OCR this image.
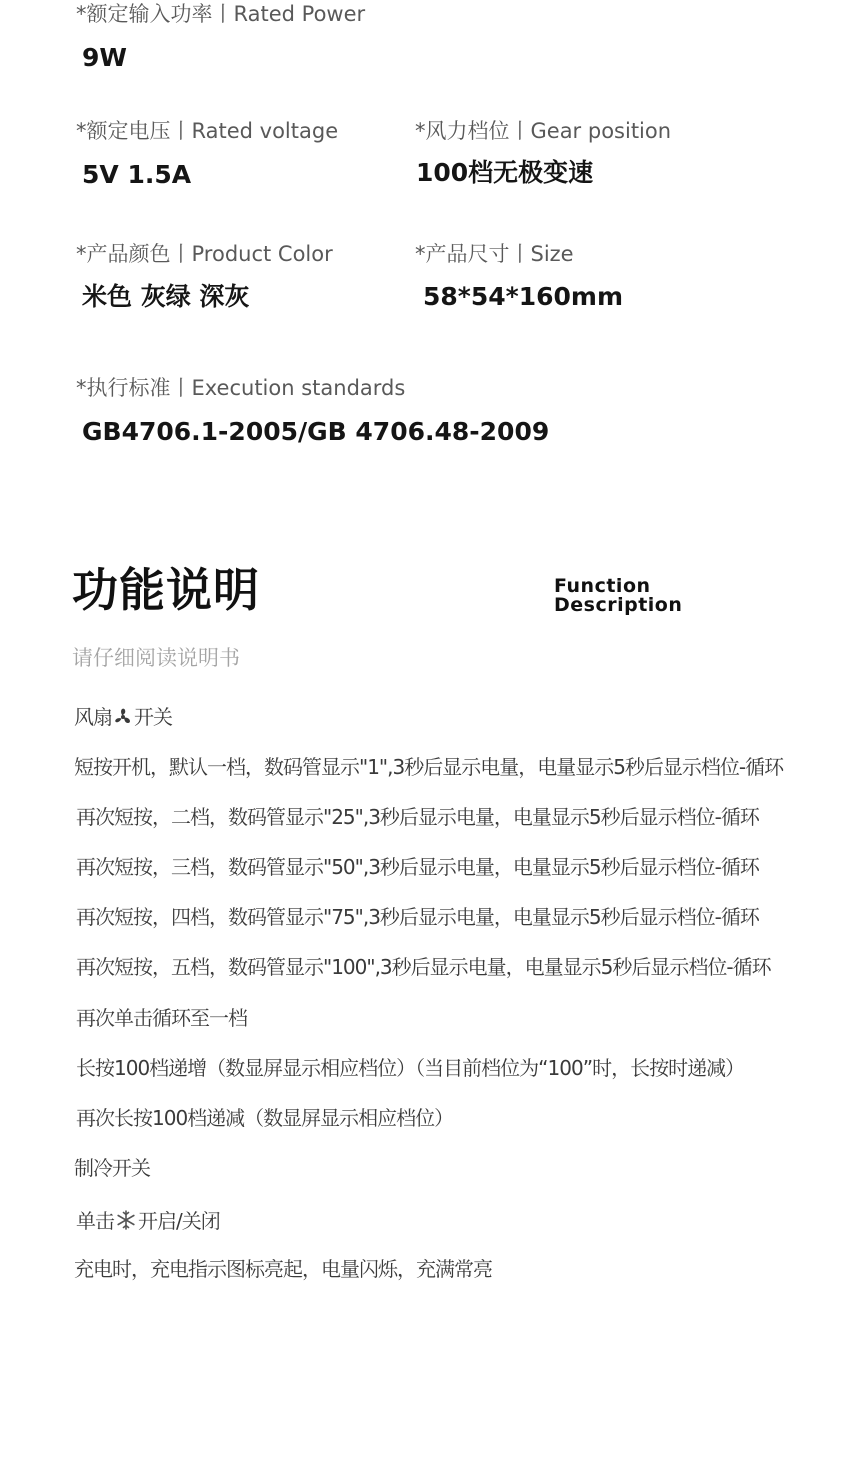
*额定输入功率丨Rated Power
9W
*额定电压丨Rated voltage
5V 1.5A
*风力档位丨Gear position
100档无极变速
*产品颜色丨Product Color
米色 灰绿 深灰
*产品尺寸丨Size
58*54*160mm
*执行标准丨Execution standards
GB4706.1-2005/GB 4706.48-2009
功能说明	Function
Description
请仔细阅读说明书
风扇 开关
短按开机，默认一档，数码管显示"1",3秒后显示电量，电量显示5秒后显示档位-循环
再次短按，二档，数码管显示"25",3秒后显示电量，电量显示5秒后显示档位-循环
再次短按，三档，数码管显示"50",3秒后显示电量，电量显示5秒后显示档位-循环
再次短按，四档，数码管显示"75",3秒后显示电量，电量显示5秒后显示档位-循环
再次短按，五档，数码管显示"100",3秒后显示电量，电量显示5秒后显示档位-循环
再次单击循环至一档
长按100档递增（数显屏显示相应档位）（当目前档位为“100”时，长按时递减）
再次长按100档递减（数显屏显示相应档位）
制冷开关
单击 开启/关闭
充电时，充电指示图标亮起，电量闪烁，充满常亮
